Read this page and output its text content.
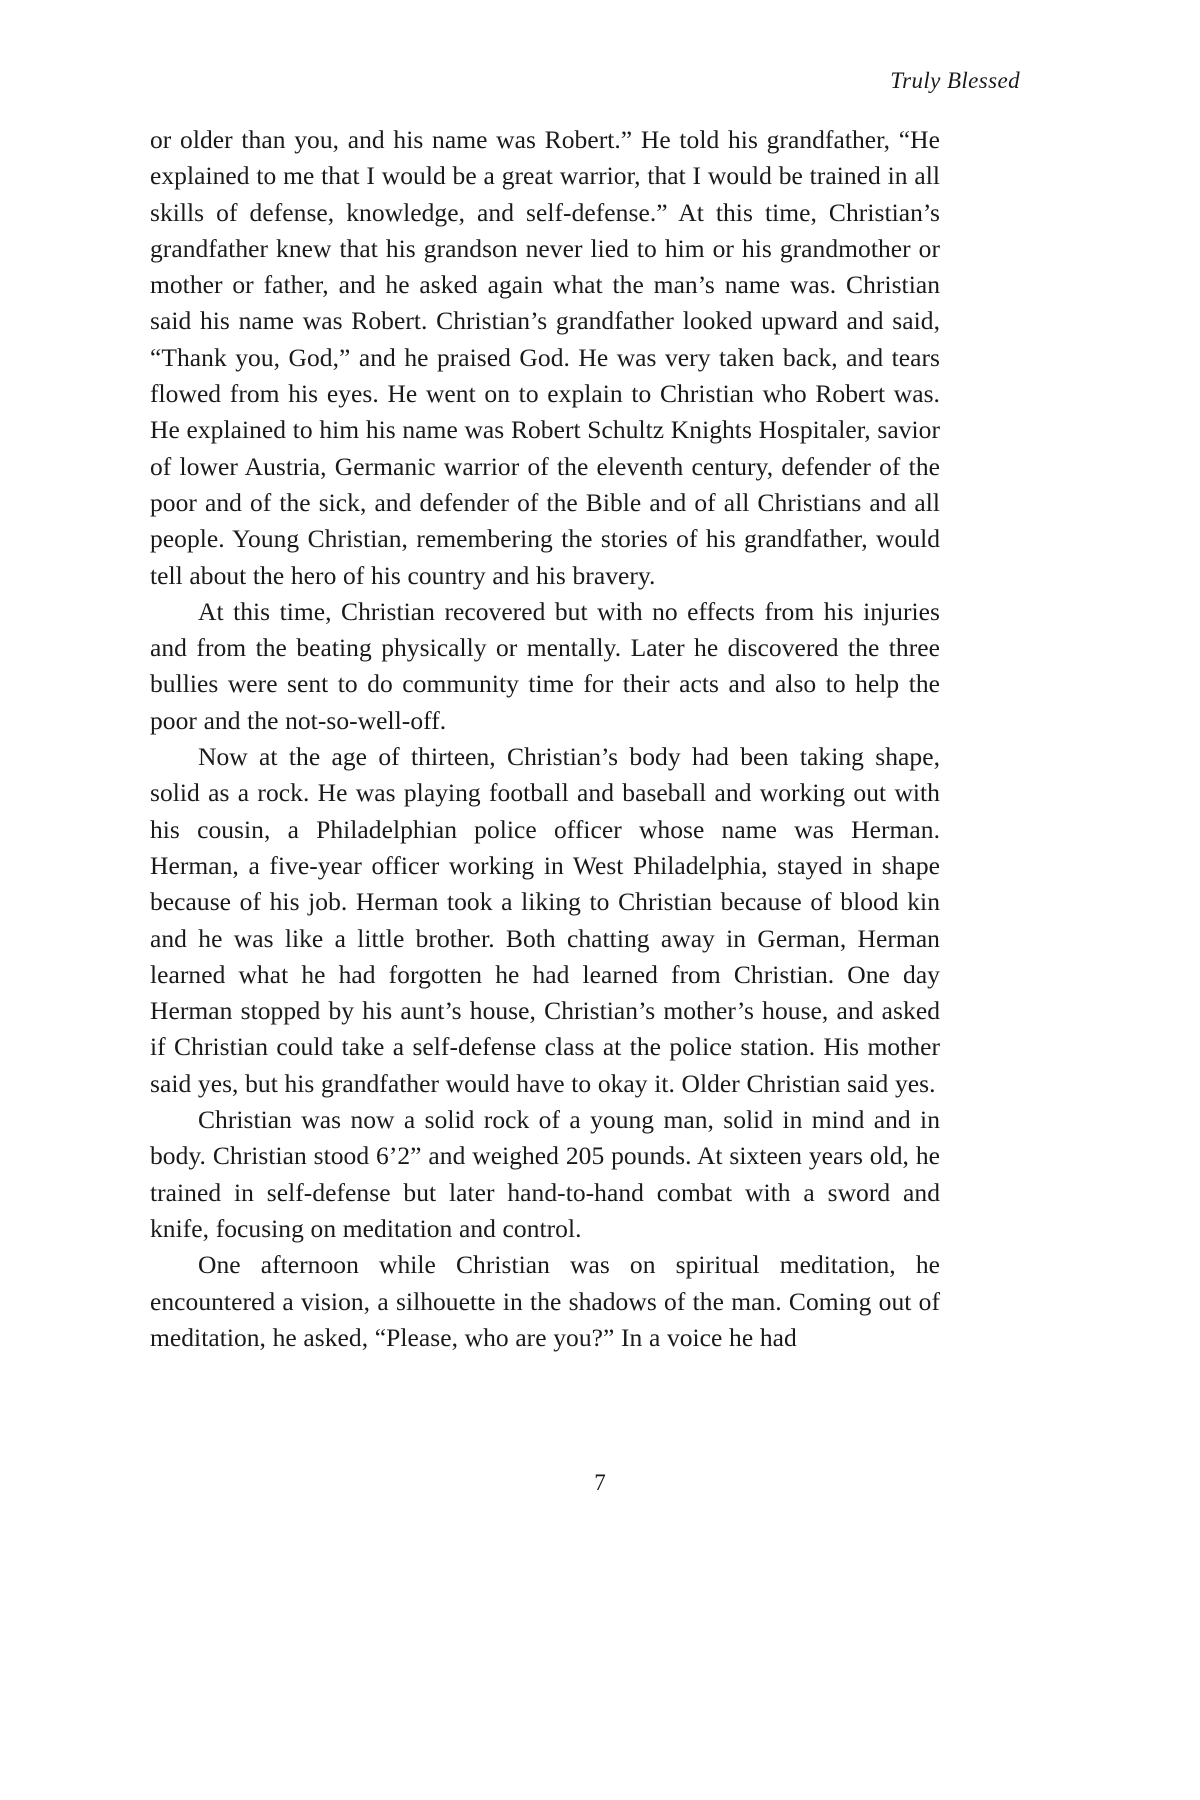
Truly Blessed

or older than you, and his name was Robert.” He told his grandfather, “He explained to me that I would be a great warrior, that I would be trained in all skills of defense, knowledge, and self-defense.” At this time, Christian’s grandfather knew that his grandson never lied to him or his grandmother or mother or father, and he asked again what the man’s name was. Christian said his name was Robert. Christian’s grandfather looked upward and said, “Thank you, God,” and he praised God. He was very taken back, and tears flowed from his eyes. He went on to explain to Christian who Robert was. He explained to him his name was Robert Schultz Knights Hospitaler, savior of lower Austria, Germanic warrior of the eleventh century, defender of the poor and of the sick, and defender of the Bible and of all Christians and all people. Young Christian, remembering the stories of his grandfather, would tell about the hero of his country and his bravery.

At this time, Christian recovered but with no effects from his injuries and from the beating physically or mentally. Later he discovered the three bullies were sent to do community time for their acts and also to help the poor and the not-so-well-off.

Now at the age of thirteen, Christian’s body had been taking shape, solid as a rock. He was playing football and baseball and working out with his cousin, a Philadelphian police officer whose name was Herman. Herman, a five-year officer working in West Philadelphia, stayed in shape because of his job. Herman took a liking to Christian because of blood kin and he was like a little brother. Both chatting away in German, Herman learned what he had forgotten he had learned from Christian. One day Herman stopped by his aunt’s house, Christian’s mother’s house, and asked if Christian could take a self-defense class at the police station. His mother said yes, but his grandfather would have to okay it. Older Christian said yes.

Christian was now a solid rock of a young man, solid in mind and in body. Christian stood 6’2” and weighed 205 pounds. At sixteen years old, he trained in self-defense but later hand-to-hand combat with a sword and knife, focusing on meditation and control.

One afternoon while Christian was on spiritual meditation, he encountered a vision, a silhouette in the shadows of the man. Coming out of meditation, he asked, “Please, who are you?” In a voice he had

7
